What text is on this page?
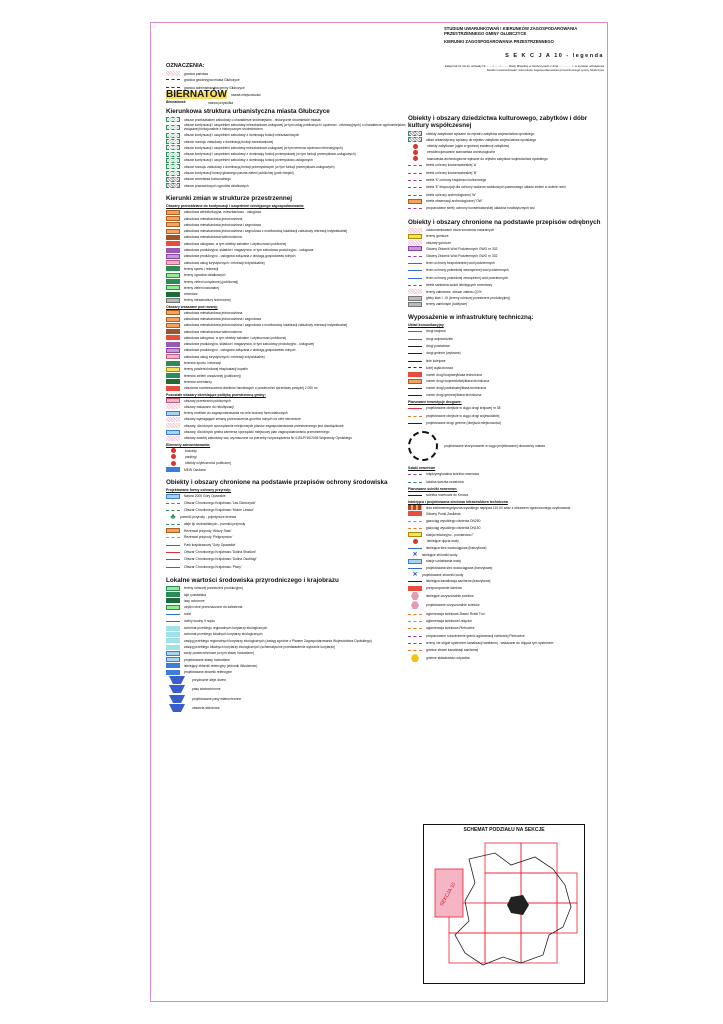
STUDIUM UWARUNKOWAŃ I KIERUNKÓW ZAGOSPODAROWANIA PRZESTRZENNEGO GMINY GŁUBCZYCE
KIERUNKI ZAGOSPODAROWANIA PRZESTRZENNEGO
S E K C J A 10 - legenda
Załącznik Nr 2A do uchwały Nr ......../......./......... Rady Miejskiej w Głubczycach z dnia ............... r. w sprawie uchwalenia Studium uwarunkowań i kierunków zagospodarowania przestrzennego gminy Głubczyce
OZNACZENIA:
granica państwa
granica geodezyjna miasta Głubczyce
granica administracyjna gminy Głubczyce
BIERNATÓW nazwa miejscowości
Biernatówek	nazwa przysiółka
Kierunkowa struktura urbanistyczna miasta Głubczyce
obszar przekształceń zabudowy o charakterze śródmiejskim - historyczne śródmieście miasta
obszar kontynuacji i uzupełnień zabudowy mieszkaniowo-usługowej (w tym usług publicznych i sportowo - rekreacyjnych) o charakterze ogólnomiejskim, związanej funkcjonalnie z historycznym śródmieściem
obszar kontynuacji i uzupełnień zabudowy z dominacją funkcji mieszkaniowych
obszar rozwoju zabudowy z dominacją funkcji mieszkaniowej
obszar kontynuacji i uzupełnień zabudowy mieszkaniowo-usługowej (w tym terenów sportowo rekreacyjnych)
obszar kontynuacji i uzupełnień zabudowy z dominacją funkcji przemysłowej (w tym funkcji przemysłowo-usługowych)
obszar kontynuacji i uzupełnień zabudowy z dominacją funkcji przemysłowo-usługowych
obszar rozwoju zabudowy z dominacją funkcji przemysłowych (w tym funkcji przemysłowo-usługowych)
obszar kontynuacji funkcji głównego pasma zieleni publicznej (park miejski)
obszar cmentarza komunalnego
obszar pracowniczych ogrodów działkowych
Kierunki zmian w strukturze przestrzennej
Obszary przewidziane do kontynuacji i uzupełnień istniejącego zagospodarowania:
zabudowa wielofunkcyjna, mieszkaniowo - usługowa
zabudowa mieszkaniowa jednorodzinna
zabudowa mieszkaniowa jednorodzinna i zagrodowa
zabudowa mieszkaniowa jednorodzinna i zagrodowa z możliwością lokalizacji zabudowy rekreacji indywidualnej
zabudowa mieszkaniowa wielorodzinna
zabudowa usługowa, w tym obiekty sakralne i użyteczności publicznej
zabudowa produkcyjna, składów i magazynów, w tym zabudowa produkcyjno - usługowa
zabudowa produkcyjno - usługowa związana z obsługą gospodarstw rolnych
zabudowa usług turystycznych i rekreacji indywidualnej
tereny sportu i rekreacji
tereny ogrodów działkowych
tereny zieleni urządzonej (publicznej)
tereny zieleni naturalnej
cmentarz
tereny infrastruktury technicznej
Obszary wskazane pod rozwój:
zabudowa mieszkaniowa jednorodzinna
zabudowa mieszkaniowa jednorodzinna i zagrodowa
zabudowa mieszkaniowa jednorodzinna i zagrodowa z możliwością lokalizacji zabudowy rekreacji indywidualnej
zabudowa mieszkaniowa wielorodzinna
zabudowa usługowa, w tym obiekty sakralne i użyteczności publicznej
zabudowa produkcyjna, składów i magazynów, w tym zabudowy produkcyjno - usługowej
zabudowa produkcyjno - usługowa związana z obsługą gospodarstw rolnych
zabudowa usług turystycznych i rekreacji indywidualnej
terenów sportu i rekreacji
tereny powierzchniowej eksploatacji kopalin
terenów zieleni urządzonej (publicznej)
terenów cmentarzy
obszarów rozmieszczenia obiektów handlowych o powierzchni sprzedaży powyżej 2 000 m²
Pozostałe obszary określające politykę przestrzenną gminy:
obszary przestrzeni publicznych
obszary wskazane do rekultywacji
tereny możliwe do zagospodarowania na cele budowy farm wiatrowych
obszary wymagające zmiany przeznaczenia gruntów rolnych na cele nierolnicze
obszary, dla których sporządzenie miejscowych planów zagospodarowania przestrzennego jest obowiązkowe
obszary, dla których gmina zamierza sporządzić miejscowy plan zagospodarowania przestrzennego
obszary zwartej zabudowy wsi, wyznaczone na potrzeby rozporządzenia Nr 0151/P/16/2006 Wojewody Opolskiego
Elementy zainwestowania:
kościoły
parkingi
obiekty użyteczności publicznej
MEW Ossłowa
Obiekty i obszary chronione na podstawie przepisów ochrony środowiska
Projektowane formy ochrony przyrody:
Natura 2000 Góry Opawskie
Obszar Chronionego Krajobrazu 'Las Głubczycki'
Obszar Chronionego Krajobrazu 'Mokre Lewice'
♣	pomniki przyrody - pojedyncze drzewa
aleje lip drobnolistnych - pomniki przyrody
Rezerwat przyrody 'Wilczy Staw'
Rezerwat przyrody 'Pielgrzymów'
Park krajobrazowy 'Góry Opawskie'
Obszar Chronionego Krajobrazu 'Dolina Straduni'
Obszar Chronionego Krajobrazu 'Dolina Osobłogi'
Obszar Chronionego Krajobrazu 'Psiny'
Lokalne wartości środowiska przyrodniczego i krajobrazu
tereny rolniczej przestrzeni produkcyjnej
łąki i pastwiska
lasy ochronne
użytki rolne przeznaczone do zalesienia
rzeki
doliny wodny II rzędu
schemat przebiegu regionalnych korytarzy ekologicznych
schemat przebiegu lokalnych korytarzy ekologicznych
zasięg przebiegu regionalnych korytarzy ekologicznych (zasięg zgodnie z Planem Zagospodarowania Województwa Opolskiego)
zasięg przebiegu lokalnych korytarzy ekologicznych (schematyczne przedstawienie wybranie korytarze)
wody powierzchniowe (w tym stawy hodowlane)
projektowane stawy hodowlane
istniejący zbiornik retencyjny (zbiornik Włodzienin)
projektowane zbiornik retencyjne
przydrożne aleje drzew
pasy wiatrochronne
projektowane pasy wiatrochronne
otwarcia widokowe
Obiekty i obszary dziedzictwa kulturowego, zabytków i dóbr kultury współczesnej
obiekty zabytkowe wpisane do rejestru zabytków województwa opolskiego
układ urbanistyczny wpisany do rejestru zabytków województwa opolskiego
obiekty zabytkowe (ujęte w gminnej ewidencji zabytków)
zewidencjonowane stanowiska archeologiczne
stanowiska archeologiczne wpisane do rejestru zabytków województwa opolskiego
strefa ochrony konserwatorskiej 'A'
strefa ochrony konserwatorskiej 'B'
strefa 'K' ochrony krajobrazu kulturowego
strefa 'E' ekspozycji dla ochrony walorów widokowych pasmowego układu zieleni w dolinie rzeki
strefa ochrony archeologicznej 'W'
strefa obserwacji archeologicznej 'OW'
proponowane strefy ochrony konserwatorskiej układów ruralistycznych wsi
Obiekty i obszary chronione na podstawie przepisów odrębnych
udokumentowane złoża surowców naturalnych
tereny górnicze
obszary górnicze
Główny Zbiornik Wód Podziemnych GWO nr 332
Główny Zbiornik Wód Podziemnych GWO nr 332
teren ochrony bezpośredniej wód podziemnych
teren ochrony pośredniej wewnętrznej wód podziemnych
teren ochrony pośredniej zewnętrznej wód podziemnych
strefa sanitarna wokół istniejących cmentarzy
tereny zalewowe, obszar zalewu Q1%
gleby klas I - III (tereny rolniczej przestrzeni produkcyjnej)
tereny zamknięte (kolejowe)
Wyposażenie w infrastrukturę techniczną:
Układ komunikacyjny
drogi krajowa
drogi wojewódzkie
drogi powiatowe
drogi gminne (wybrane)
linie kolejowe
kolej wąskotorowa
numer drogi krajowej/klasa techniczna
numer drogi wojewódzkiej/klasa techniczna
numer drogi powiatowej/klasa techniczna
numer drogi gminnej/klasa techniczna
Planowane inwestycje drogowe:
projektowane obejście w ciągu drogi krajowej nr 38
projektowane obejście w ciągu drogi wojewódzkiej
projektowane drogi gminne (obejścia miejscowości)
projektowane skrzyżowanie w ciągu projektowanej obwodnicy miasta
Szlaki rowerowe
międzyregionalna ścieżka rowerowa
lokalna ścieżka rowerowa
Planowane ścieżki rowerowe:
ścieżka rowerowa do Krnova
Istniejąca i projektowana sieciowa infrastruktura techniczna
linia elektroenergetyczna wysokiego napięcia 110 kV wraz z obszarem ograniczonego użytkowania
Główny Punkt Zasilania
gazociąg wysokiego ciśnienia DN250
gazociąg wysokiego ciśnienia DN150
stacja redukcyjno - pomiarowa I°
istniejące ujęcia wody
istniejąca sieć wodociągowa (tranzytowa)
✕	istniejące zbiorniki wody
stacje uzdatniania wody
projektowana sieć wodociągowa (tranzytowa)
✕	projektowane zbiorniki wody
istniejąca kanalizacja sanitarna (tranzytowa)
przepompownie ścieków
istniejące oczyszczalnie ścieków
projektowane oczyszczalnie ścieków
aglomeracja ściekowa Zławni Rzeki Troi
aglomeracja ściekowa Lisięcice
aglomeracja ściekowa Pietrowice
proponowane rozszerzenie granic aglomeracji ściekowej Pietrowice
tereny nie objęte systemem kanalizacji sanitarnej - wskazane do objęcia tym systemem
granice zlewni kanalizacji sanitarnej
gminne składowisko odpadów
SCHEMAT PODZIAŁU NA SEKCJE
SEKCJA 10
